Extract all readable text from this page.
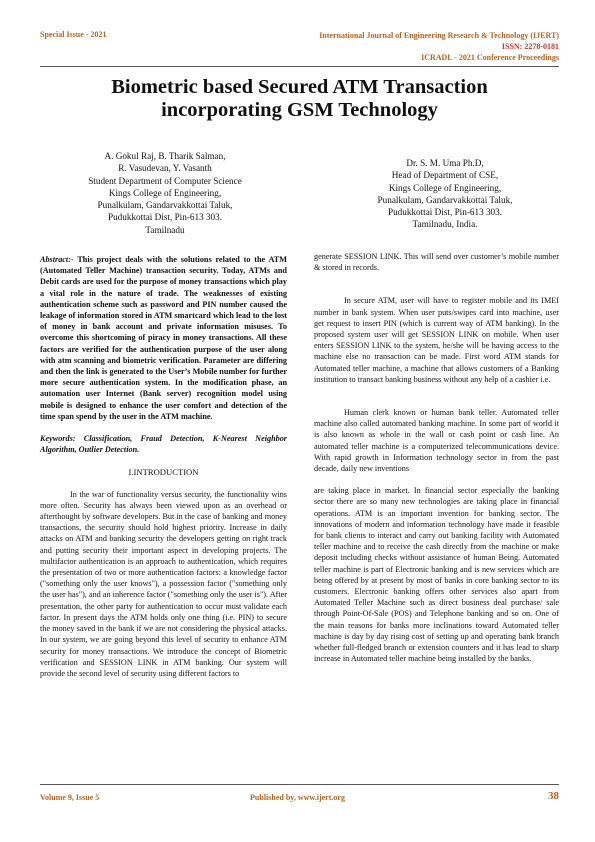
Special Issue - 2021	International Journal of Engineering Research & Technology (IJERT)
ISSN: 2278-0181
ICRADL - 2021 Conference Proceedings
Biometric based Secured ATM Transaction
incorporating GSM Technology
A. Gokul Raj, B. Tharik Salman,
R. Vasudevan, Y. Vasanth
Student Department of Computer Science
Kings College of Engineering,
Punalkulam, Gandarvakkottai Taluk,
Pudukkottai Dist, Pin-613 303.
Tamilnadu
Dr. S. M. Uma Ph.D,
Head of Department of CSE,
Kings College of Engineering,
Punalkulam, Gandarvakkottai Taluk,
Pudukkottai Dist, Pin-613 303.
Tamilnadu, India.

Abstract:- This project deals with the solutions related to the ATM (Automated Teller Machine) transaction security. Today, ATMs and Debit cards are used for the purpose of money transactions which play a vital role in the nature of trade. The weaknesses of existing authentication scheme such as password and PIN number caused the leakage of information stored in ATM smartcard which lead to the lost of money in bank account and private information misuses. To overcome this shortcoming of piracy in money transactions. All these factors are verified for the authentication purpose of the user along with atm scanning and biometric verification. Parameter are differing and then the link is generated to the User’s Mobile number for further more secure authentication system. In the modification phase, an automation user Internet (Bank server) recognition model using mobile is designed to enhance the user comfort and detection of the time span spend by the user in the ATM machine.

Keywords: Classification, Fraud Detection, K-Nearest Neighbor Algorithm, Outlier Detection.

I.INTRODUCTION

In the war of functionality versus security, the functionality wins more often. Security has always been viewed upon as an overhead or afterthought by software developers. But in the case of banking and money transactions, the security should hold highest priority. Increase in daily attacks on ATM and banking security the developers getting on right track and putting security their important aspect in developing projects. The multifactor authentication is an approach to authentication, which requires the presentation of two or more authentication factors: a knowledge factor ("something only the user knows"), a possession factor ("something only the user has"), and an inherence factor ("something only the user is"). After presentation, the other party for authentication to occur must validate each factor. In present days the ATM holds only one thing (i.e. PIN) to secure the money saved in the bank if we are not considering the physical attacks. In our system, we are going beyond this level of security to enhance ATM security for money transactions. We introduce the concept of Biometric verification and SESSION LINK in ATM banking. Our system will provide the second level of security using different factors to

generate SESSION LINK. This will send over customer’s mobile number & stored in records.

In secure ATM, user will have to register mobile and its IMEI number in bank system. When user puts/swipes card into machine, user get request to insert PIN (which is current way of ATM banking). In the proposed system user will get SESSION LINK on mobile. When user enters SESSION LINK to the system, he/she will be having access to the machine else no transaction can be made. First word ATM stands for Automated teller machine, a machine that allows customers of a Banking institution to transact banking business without any help of a cashier i.e.

Human clerk known or human bank teller. Automated teller machine also called automated banking machine. In some part of world it is also known as whole in the wall or cash point or cash line. An automated teller machine is a computerized telecommunications device. With rapid growth in Information technology sector in from the past decade, daily new inventions

are taking place in market. In financial sector especially the banking sector there are so many new technologies are taking place in financial operations. ATM is an important invention for banking sector. The innovations of modern and information technology have made it feasible for bank clients to interact and carry out banking facility with Automated teller machine and to receive the cash directly from the machine or make deposit including checks without assistance of human Being. Automated teller machine is part of Electronic banking and is new services which are being offered by at present by most of banks in core banking sector to its customers. Electronic banking offers other services also apart from Automated Teller Machine such as direct business deal purchase/ sale through Point-Of-Sale (POS) and Telephone banking and so on. One of the main reasons for banks more inclinations toward Automated teller machine is day by day rising cost of setting up and operating bank branch whether full-fledged branch or extension counters and it has lead to sharp increase in Automated teller machine being installed by the banks.

Volume 9, Issue 5	Published by, www.ijert.org	38
